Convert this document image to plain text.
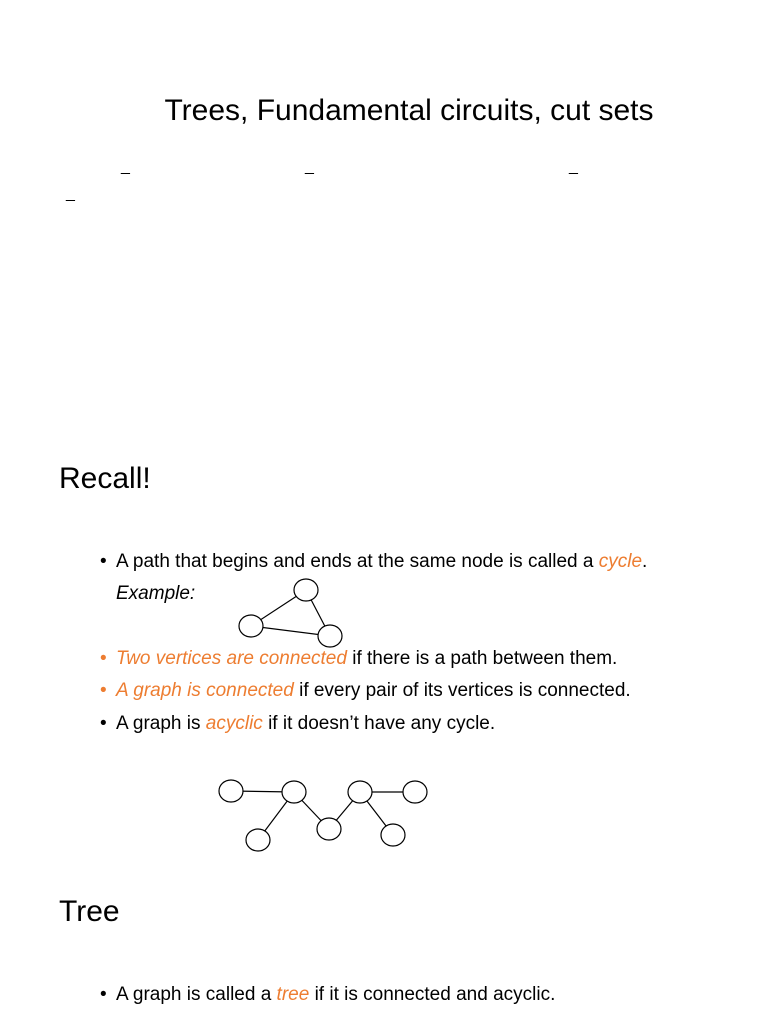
Trees, Fundamental circuits, cut sets
_	_	_
_
Recall!
• A path that begins and ends at the same node is called a cycle.
Example:
• Two vertices are connected if there is a path between them.
• A graph is connected if every pair of its vertices is connected.
• A graph is acyclic if it doesn’t have any cycle.
Tree
• A graph is called a tree if it is connected and acyclic.
